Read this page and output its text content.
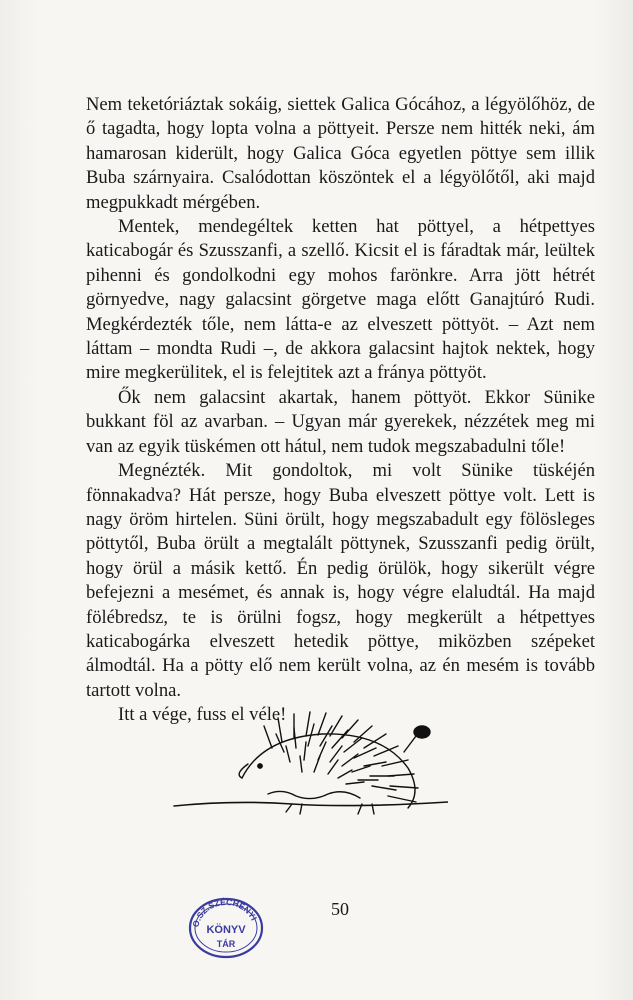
Nem teketóriáztak sokáig, siettek Galica Gócához, a légyölőhöz, de ő tagadta, hogy lopta volna a pöttyeit. Persze nem hitték neki, ám hamarosan kiderült, hogy Galica Góca egyetlen pöttye sem illik Buba szárnyaira. Csalódottan köszöntek el a légyölőtől, aki majd megpukkadt mérgében.

Mentek, mendegéltek ketten hat pöttyel, a hétpettyes katicabogár és Szusszanfi, a szellő. Kicsit el is fáradtak már, leültek pihenni és gondolkodni egy mohos farönkre. Arra jött hétrét görnyedve, nagy galacsint görgetve maga előtt Ganajtúró Rudi. Megkérdezték tőle, nem látta-e az elveszett pöttyöt. – Azt nem láttam – mondta Rudi –, de akkora galacsint hajtok nektek, hogy mire megkerülitek, el is felejtitek azt a fránya pöttyöt.

Ők nem galacsint akartak, hanem pöttyöt. Ekkor Sünike bukkant föl az avarban. – Ugyan már gyerekek, nézzétek meg mi van az egyik tüskémen ott hátul, nem tudok megszabadulni tőle!

Megnézték. Mit gondoltok, mi volt Sünike tüskéjén fönnakadva? Hát persze, hogy Buba elveszett pöttye volt. Lett is nagy öröm hirtelen. Süni örült, hogy megszabadult egy fölösleges pöttytől, Buba örült a megtalált pöttynek, Szusszanfi pedig örült, hogy örül a másik kettő. Én pedig örülök, hogy sikerült végre befejezni a mesémet, és annak is, hogy végre elaludtál. Ha majd fölébredsz, te is örülni fogsz, hogy megkerült a hétpettyes katicabogárka elveszett hetedik pöttye, miközben szépeket álmodtál. Ha a pötty elő nem került volna, az én mesém is tovább tartott volna.

Itt a vége, fuss el véle!

50
O.SZ.SZÉCHÉNYI
KÖNYV
TÁR
